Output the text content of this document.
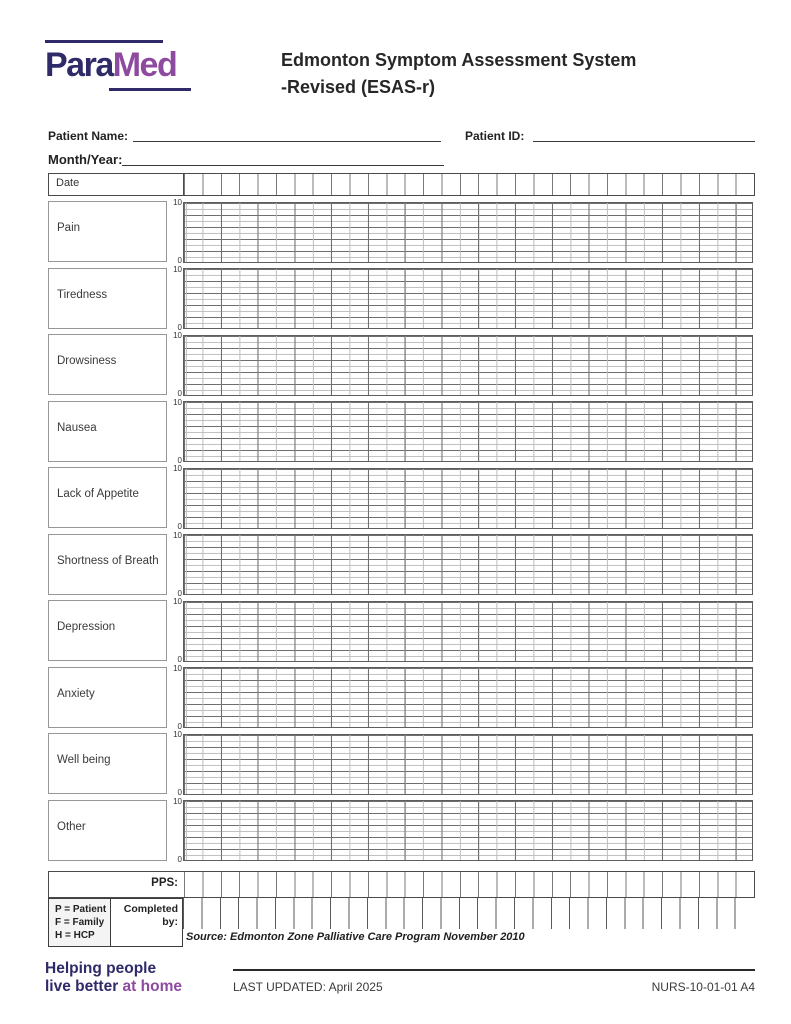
ParaMed	Edmonton Symptom Assessment System
-Revised (ESAS-r)
Patient Name:	Patient ID:
Month/Year:
Date
Pain
10
0
Tiredness
10
0
Drowsiness
10
0
Nausea
10
0
Lack of Appetite
10
0
Shortness of Breath
10
0
Depression
10
0
Anxiety
10
0
Well being
10
0
Other
10
0
PPS:
P = Patient
F = Family
H = HCP
Completed by:
Source: Edmonton Zone Palliative Care Program November 2010
Helping people
live better at home	LAST UPDATED: April 2025	NURS-10-01-01 A4
